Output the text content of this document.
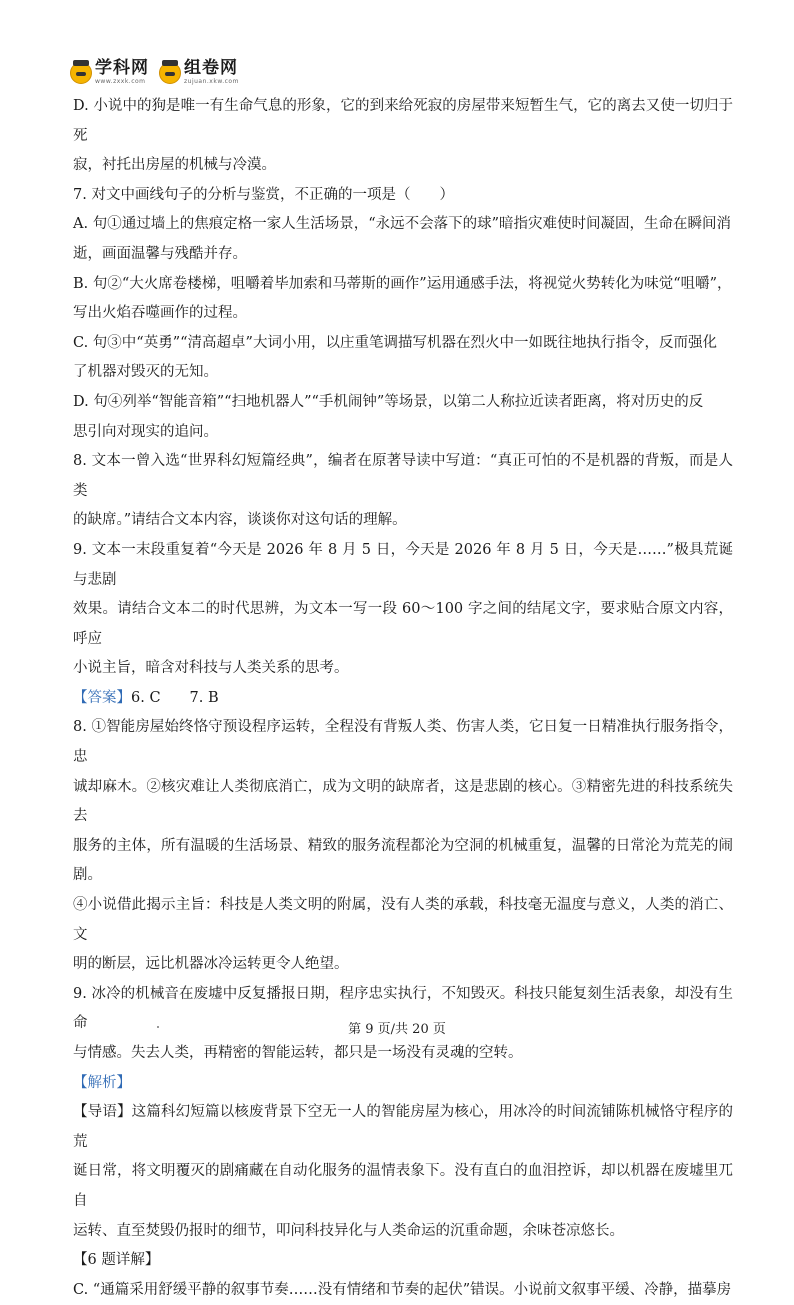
学科网
www.zxxk.com
组卷网
zujuan.xkw.com

D. 小说中的狗是唯一有生命气息的形象，它的到来给死寂的房屋带来短暂生气，它的离去又使一切归于死

寂，衬托出房屋的机械与冷漠。

7. 对文中画线句子的分析与鉴赏，不正确的一项是（　　）

A. 句①通过墙上的焦痕定格一家人生活场景，“永远不会落下的球”暗指灾难使时间凝固，生命在瞬间消

逝，画面温馨与残酷并存。

B. 句②“大火席卷楼梯，咀嚼着毕加索和马蒂斯的画作”运用通感手法，将视觉火势转化为味觉“咀嚼”，

写出火焰吞噬画作的过程。

C. 句③中“英勇”“清高超卓”大词小用，以庄重笔调描写机器在烈火中一如既往地执行指令，反而强化

了机器对毁灭的无知。

D. 句④列举“智能音箱”“扫地机器人”“手机闹钟”等场景，以第二人称拉近读者距离，将对历史的反

思引向对现实的追问。

8. 文本一曾入选“世界科幻短篇经典”，编者在原著导读中写道：“真正可怕的不是机器的背叛，而是人类

的缺席。”请结合文本内容，谈谈你对这句话的理解。

9. 文本一末段重复着“今天是 2026 年 8 月 5 日，今天是 2026 年 8 月 5 日，今天是……”极具荒诞与悲剧

效果。请结合文本二的时代思辨，为文本一写一段 60～100 字之间的结尾文字，要求贴合原文内容，呼应

小说主旨，暗含对科技与人类关系的思考。

【答案】6. C　　7. B

8. ①智能房屋始终恪守预设程序运转，全程没有背叛人类、伤害人类，它日复一日精准执行服务指令，忠

诚却麻木。②核灾难让人类彻底消亡，成为文明的缺席者，这是悲剧的核心。③精密先进的科技系统失去

服务的主体，所有温暖的生活场景、精致的服务流程都沦为空洞的机械重复，温馨的日常沦为荒芜的闹剧。

④小说借此揭示主旨：科技是人类文明的附属，没有人类的承载，科技毫无温度与意义，人类的消亡、文

明的断层，远比机器冰冷运转更令人绝望。

9. 冰冷的机械音在废墟中反复播报日期，程序忠实执行，不知毁灭。科技只能复刻生活表象，却没有生命

与情感。失去人类，再精密的智能运转，都只是一场没有灵魂的空转。

【解析】

【导语】这篇科幻短篇以核废背景下空无一人的智能房屋为核心，用冰冷的时间流铺陈机械恪守程序的荒

诞日常，将文明覆灭的剧痛藏在自动化服务的温情表象下。没有直白的血泪控诉，却以机器在废墟里兀自

运转、直至焚毁仍报时的细节，叩问科技异化与人类命运的沉重命题，余味苍凉悠长。

【6 题详解】

C. “通篇采用舒缓平静的叙事节奏……没有情绪和节奏的起伏”错误。小说前文叙事平缓、冷静，描摹房

第 9 页/共 20 页
